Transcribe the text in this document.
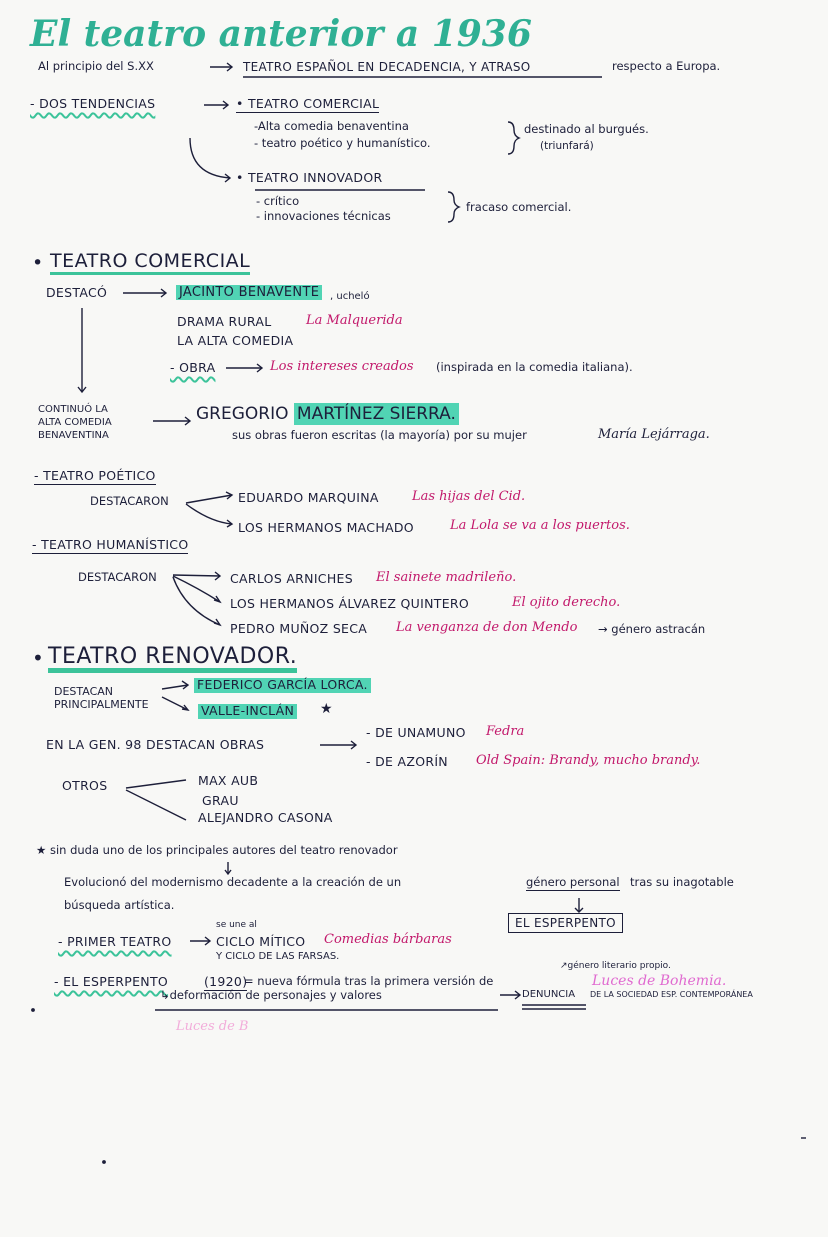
El teatro anterior a 1936
Al principio del S.XX	TEATRO ESPAÑOL EN DECADENCIA, Y ATRASO	respecto a Europa.
- DOS TENDENCIAS	• TEATRO COMERCIAL
-Alta comedia benaventina
- teatro poético y humanístico.
destinado al burgués.
(triunfará)
• TEATRO INNOVADOR
- crítico
- innovaciones técnicas
fracaso comercial.
• TEATRO COMERCIAL
DESTACÓ	JACINTO BENAVENTE	, ucheló
DRAMA RURAL	La Malquerida
LA ALTA COMEDIA
- OBRA	Los intereses creados (inspirada en la comedia italiana).
CONTINUÓ LA
ALTA COMEDIA
BENAVENTINA
GREGORIO MARTÍNEZ SIERRA.
sus obras fueron escritas (la mayoría) por su mujer	María Lejárraga.
- TEATRO POÉTICO
DESTACARON	EDUARDO MARQUINA	Las hijas del Cid.
LOS HERMANOS MACHADO	La Lola se va a los puertos.
- TEATRO HUMANÍSTICO
DESTACARON	CARLOS ARNICHES El sainete madrileño.
LOS HERMANOS ÁLVAREZ QUINTERO	El ojito derecho.
PEDRO MUÑOZ SECA La venganza de don Mendo → género astracán
• TEATRO RENOVADOR.
DESTACAN
PRINCIPALMENTE
FEDERICO GARCÍA LORCA.
VALLE-INCLÁN ★
EN LA GEN. 98 DESTACAN OBRAS
- DE UNAMUNO Fedra
- DE AZORÍN Old Spain: Brandy, mucho brandy.
OTROS	MAX AUB
GRAU
ALEJANDRO CASONA
★ sin duda uno de los principales autores del teatro renovador
Evolucionó del modernismo decadente a la creación de un	género personal tras su inagotable
búsqueda artística.
EL ESPERPENTO
- PRIMER TEATRO
se une al
CICLO MÍTICO Comedias bárbaras
Y CICLO DE LAS FARSAS.
↗género literario propio.
- EL ESPERPENTO	(1920)
= nueva fórmula tras la primera versión de	Luces de Bohemia.
↳deformación de personajes y valores	DENUNCIA DE LA SOCIEDAD ESP. CONTEMPORÁNEA
Luces de B
